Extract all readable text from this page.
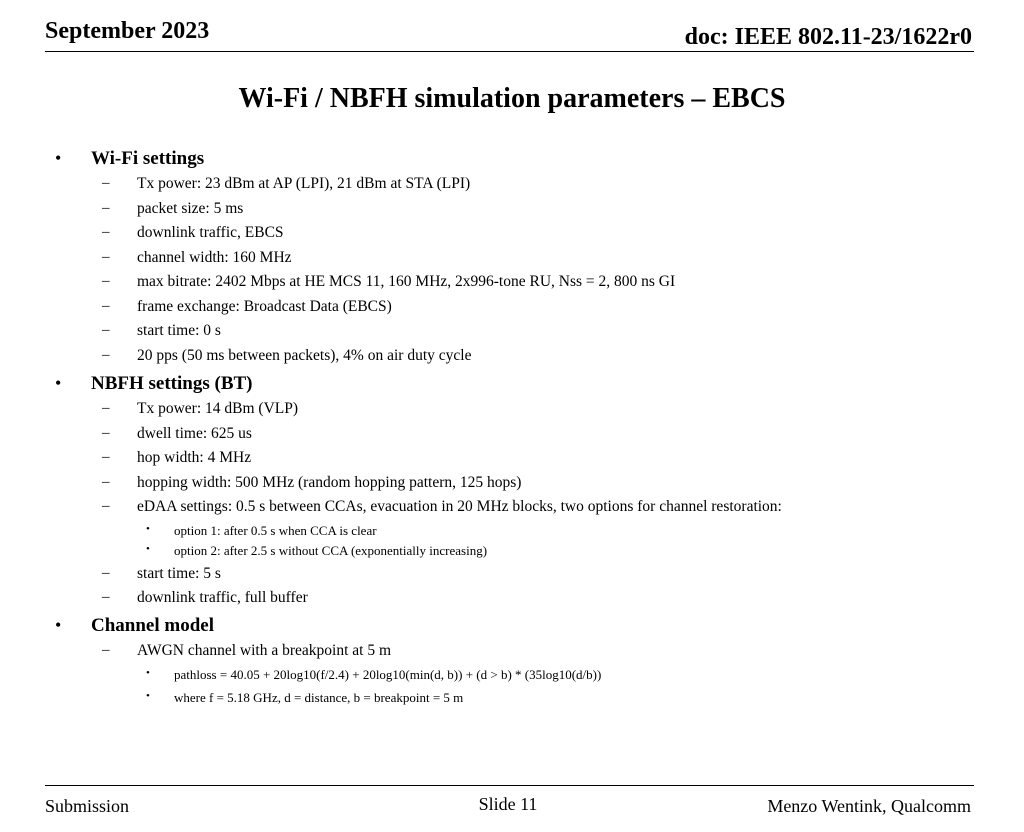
September 2023	doc: IEEE 802.11-23/1622r0
Wi-Fi / NBFH simulation parameters – EBCS
• Wi-Fi settings
– Tx power: 23 dBm at AP (LPI), 21 dBm at STA (LPI)
– packet size: 5 ms
– downlink traffic, EBCS
– channel width: 160 MHz
– max bitrate: 2402 Mbps at HE MCS 11, 160 MHz, 2x996-tone RU, Nss = 2, 800 ns GI
– frame exchange: Broadcast Data (EBCS)
– start time: 0 s
– 20 pps (50 ms between packets), 4% on air duty cycle
• NBFH settings (BT)
– Tx power: 14 dBm (VLP)
– dwell time: 625 us
– hop width: 4 MHz
– hopping width: 500 MHz (random hopping pattern, 125 hops)
– eDAA settings: 0.5 s between CCAs, evacuation in 20 MHz blocks, two options for channel restoration:
• option 1: after 0.5 s when CCA is clear
• option 2: after 2.5 s without CCA (exponentially increasing)
– start time: 5 s
– downlink traffic, full buffer
• Channel model
– AWGN channel with a breakpoint at 5 m
• pathloss = 40.05 + 20log10(f/2.4) + 20log10(min(d, b)) + (d > b) * (35log10(d/b))
• where f = 5.18 GHz, d = distance, b = breakpoint = 5 m
Submission	Slide 11	Menzo Wentink, Qualcomm
